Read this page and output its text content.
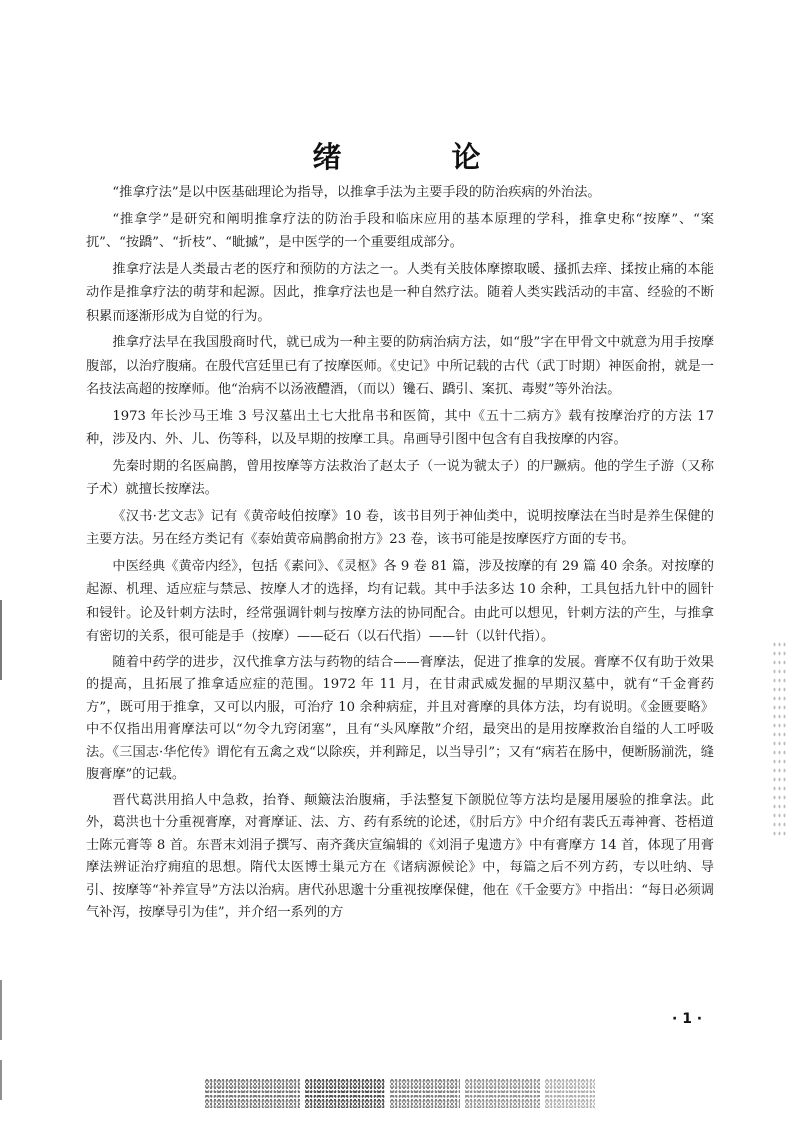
绪 论

“推拿疗法”是以中医基础理论为指导，以推拿手法为主要手段的防治疾病的外治法。

“推拿学”是研究和阐明推拿疗法的防治手段和临床应用的基本原理的学科，推拿史称“按摩”、“案扤”、“按蹻”、“折枝”、“眦摵”，是中医学的一个重要组成部分。

推拿疗法是人类最古老的医疗和预防的方法之一。人类有关肢体摩擦取暖、搔抓去痒、揉按止痛的本能动作是推拿疗法的萌芽和起源。因此，推拿疗法也是一种自然疗法。随着人类实践活动的丰富、经验的不断积累而逐渐形成为自觉的行为。

推拿疗法早在我国殷商时代，就已成为一种主要的防病治病方法，如“殷”字在甲骨文中就意为用手按摩腹部，以治疗腹痛。在殷代宫廷里已有了按摩医师。《史记》中所记载的古代（武丁时期）神医俞拊，就是一名技法高超的按摩师。他“治病不以汤液醴酒，（而以）镵石、蹻引、案扤、毒熨”等外治法。

1973 年长沙马王堆 3 号汉墓出土七大批帛书和医简，其中《五十二病方》载有按摩治疗的方法 17 种，涉及内、外、儿、伤等科，以及早期的按摩工具。帛画导引图中包含有自我按摩的内容。

先秦时期的名医扁鹊，曾用按摩等方法救治了赵太子（一说为虢太子）的尸蹶病。他的学生子游（又称子术）就擅长按摩法。

《汉书·艺文志》记有《黄帝岐伯按摩》10 卷，该书目列于神仙类中，说明按摩法在当时是养生保健的主要方法。另在经方类记有《泰始黄帝扁鹊俞拊方》23 卷，该书可能是按摩医疗方面的专书。

中医经典《黄帝内经》，包括《素问》、《灵枢》各 9 卷 81 篇，涉及按摩的有 29 篇 40 余条。对按摩的起源、机理、适应症与禁忌、按摩人才的选择，均有记载。其中手法多达 10 余种，工具包括九针中的圆针和锓针。论及针刺方法时，经常强调针刺与按摩方法的协同配合。由此可以想见，针刺方法的产生，与推拿有密切的关系，很可能是手（按摩）——砭石（以石代指）——针（以针代指）。

随着中药学的进步，汉代推拿方法与药物的结合——膏摩法，促进了推拿的发展。膏摩不仅有助于效果的提高，且拓展了推拿适应症的范围。1972 年 11 月，在甘肃武威发掘的早期汉墓中，就有“千金膏药方”，既可用于推拿，又可以内服，可治疗 10 余种病症，并且对膏摩的具体方法，均有说明。《金匮要略》中不仅指出用膏摩法可以“勿令九窍闭塞”，且有“头风摩散”介绍，最突出的是用按摩救治自缢的人工呼吸法。《三国志·华佗传》谓佗有五禽之戏“以除疾，并利蹄足，以当导引”；又有“病若在肠中，便断肠湔洗，缝腹膏摩”的记载。

晋代葛洪用掐人中急救，抬脊、颠簸法治腹痛，手法整复下颌脱位等方法均是屡用屡验的推拿法。此外，葛洪也十分重视膏摩，对膏摩证、法、方、药有系统的论述，《肘后方》中介绍有裴氏五毒神膏、苍梧道士陈元膏等 8 首。东晋末刘涓子撰写、南齐龚庆宣编辑的《刘涓子鬼遗方》中有膏摩方 14 首，体现了用膏摩法辨证治疗痈疽的思想。隋代太医博士巢元方在《诸病源候论》中，每篇之后不列方药，专以吐纳、导引、按摩等“补养宣导”方法以治病。唐代孙思邈十分重视按摩保健，他在《千金要方》中指出：“每日必须调气补泻，按摩导引为佳”，并介绍一系列的方

· 1 ·
